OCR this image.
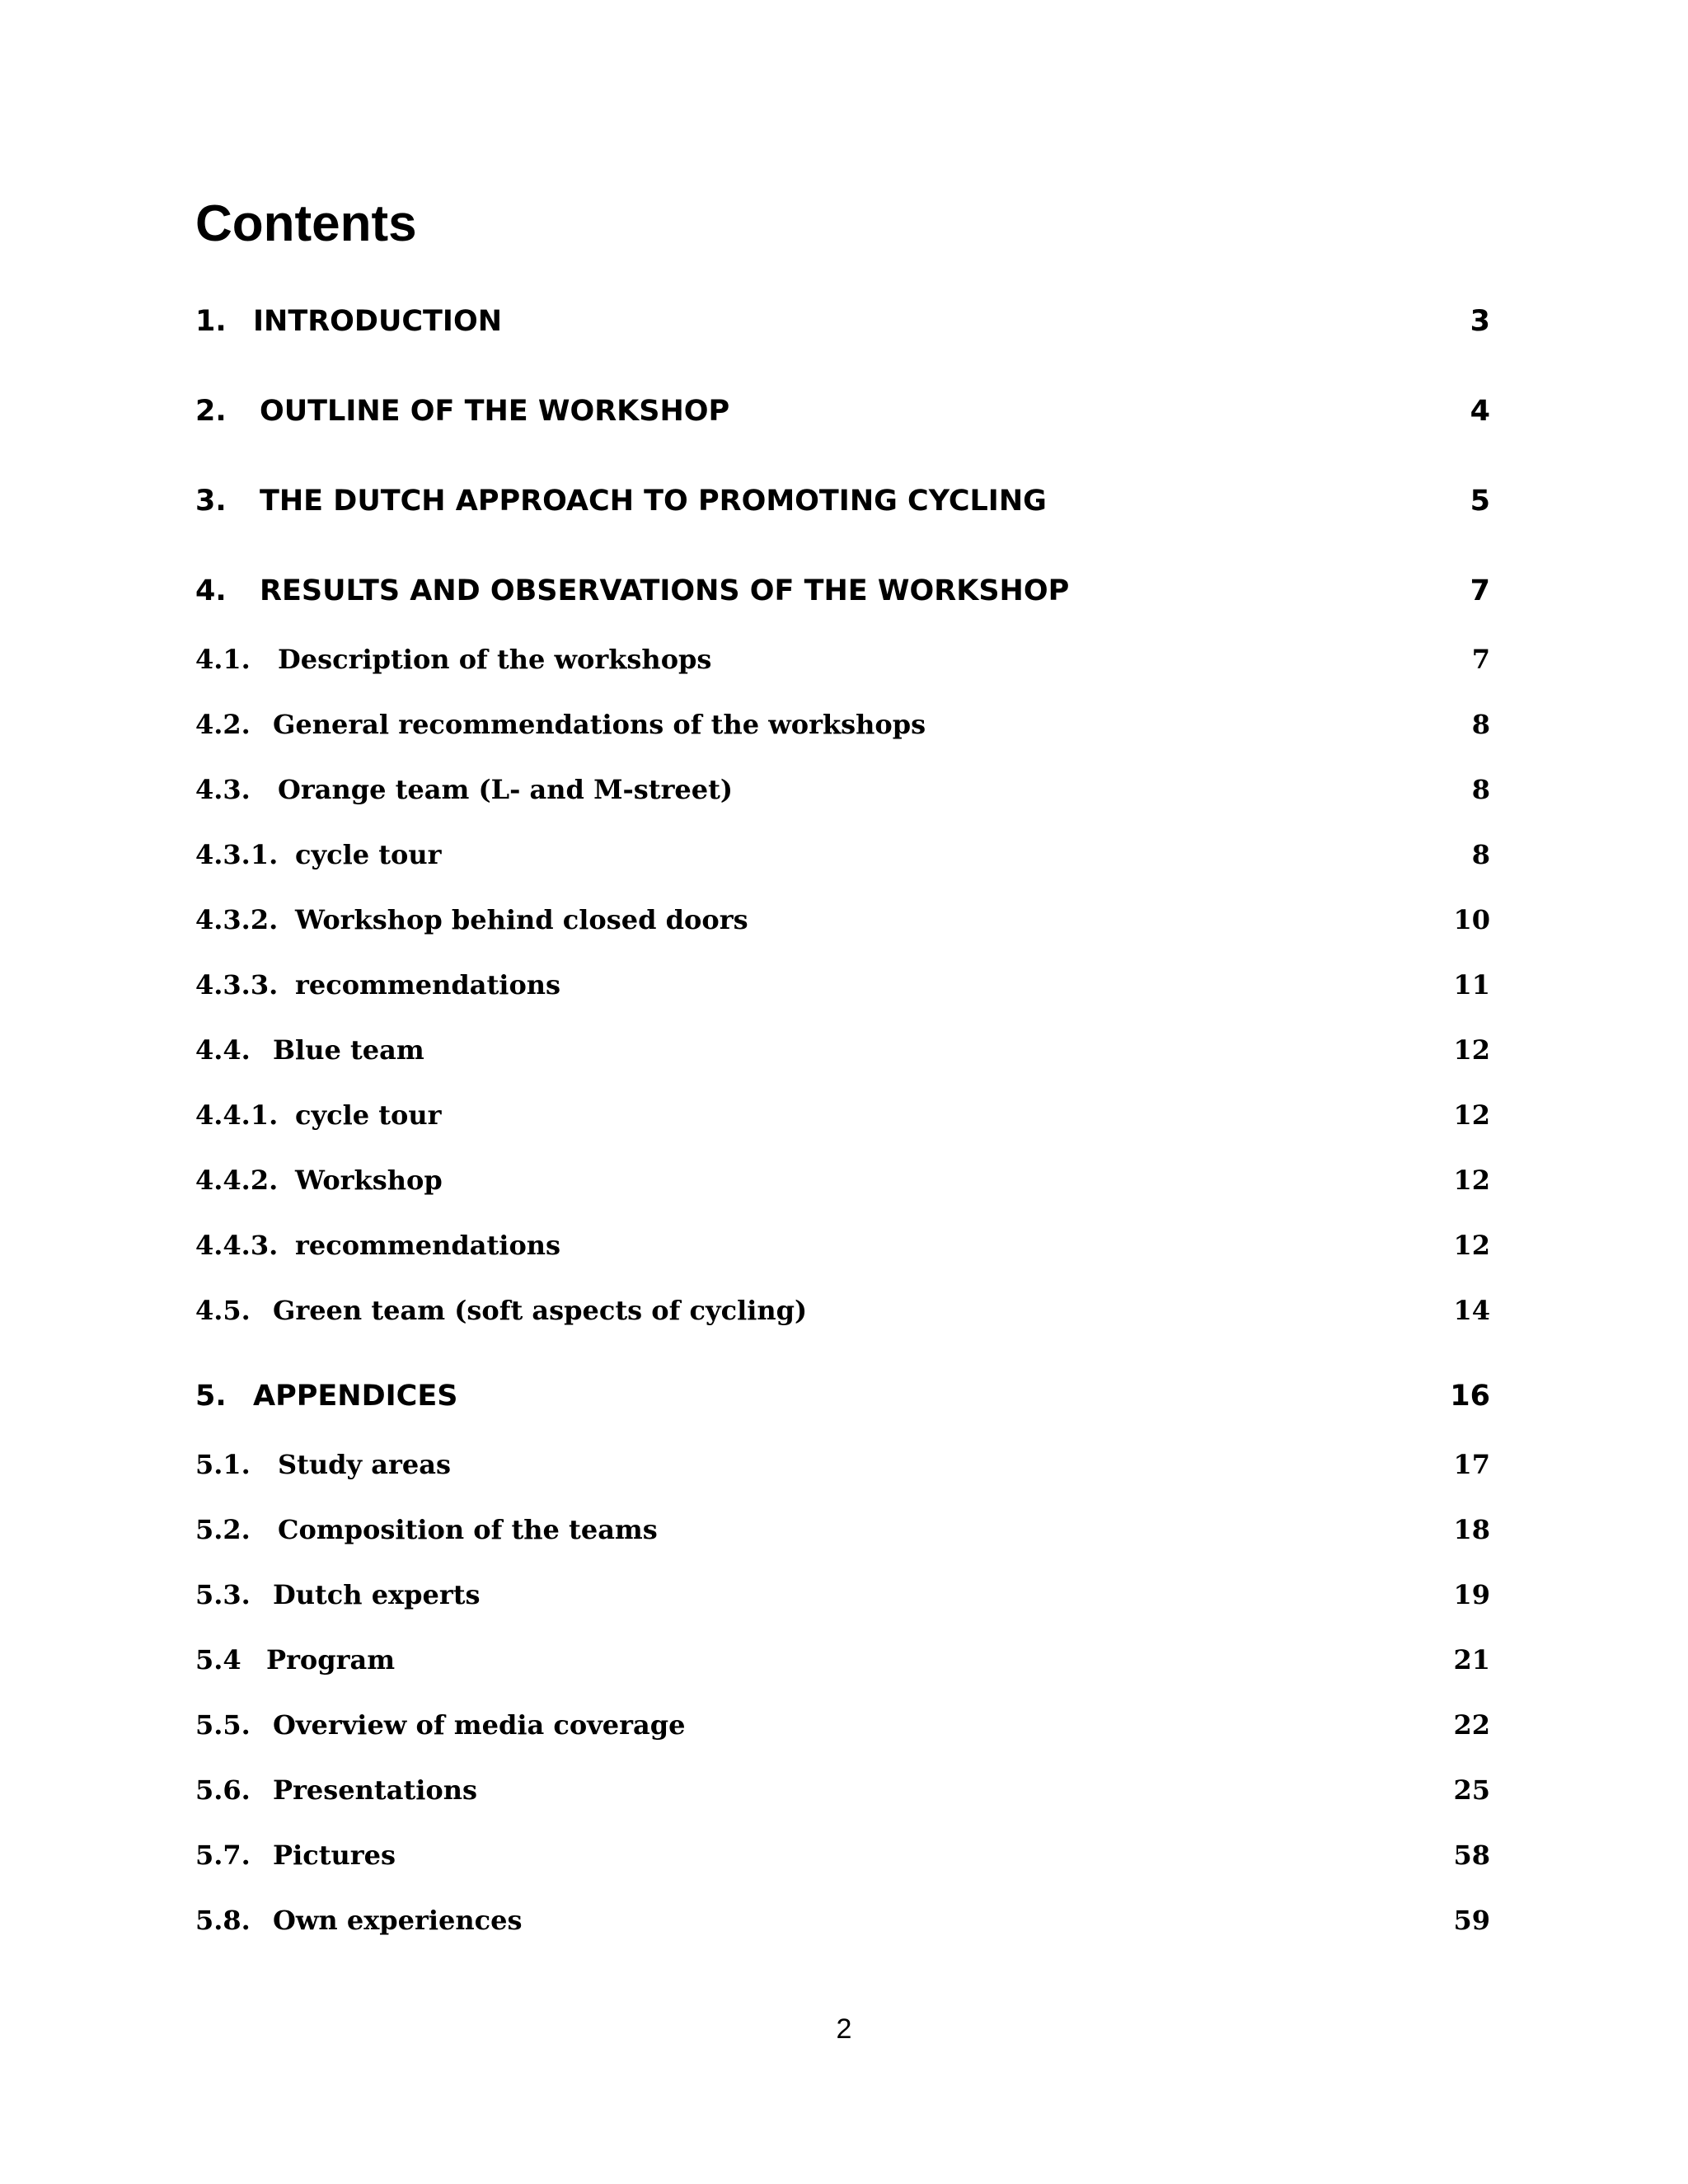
Contents
1. INTRODUCTION	3
2. OUTLINE OF THE WORKSHOP	4
3. THE DUTCH APPROACH TO PROMOTING CYCLING	5
4. RESULTS AND OBSERVATIONS OF THE WORKSHOP	7
4.1. Description of the workshops	7
4.2. General recommendations of the workshops	8
4.3. Orange team (L- and M-street)	8
4.3.1. cycle tour	8
4.3.2. Workshop behind closed doors	10
4.3.3. recommendations	11
4.4. Blue team	12
4.4.1. cycle tour	12
4.4.2. Workshop	12
4.4.3. recommendations	12
4.5. Green team (soft aspects of cycling)	14
5. APPENDICES	16
5.1. Study areas	17
5.2. Composition of the teams	18
5.3. Dutch experts	19
5.4 Program	21
5.5. Overview of media coverage	22
5.6. Presentations	25
5.7. Pictures	58
5.8. Own experiences	59
2
